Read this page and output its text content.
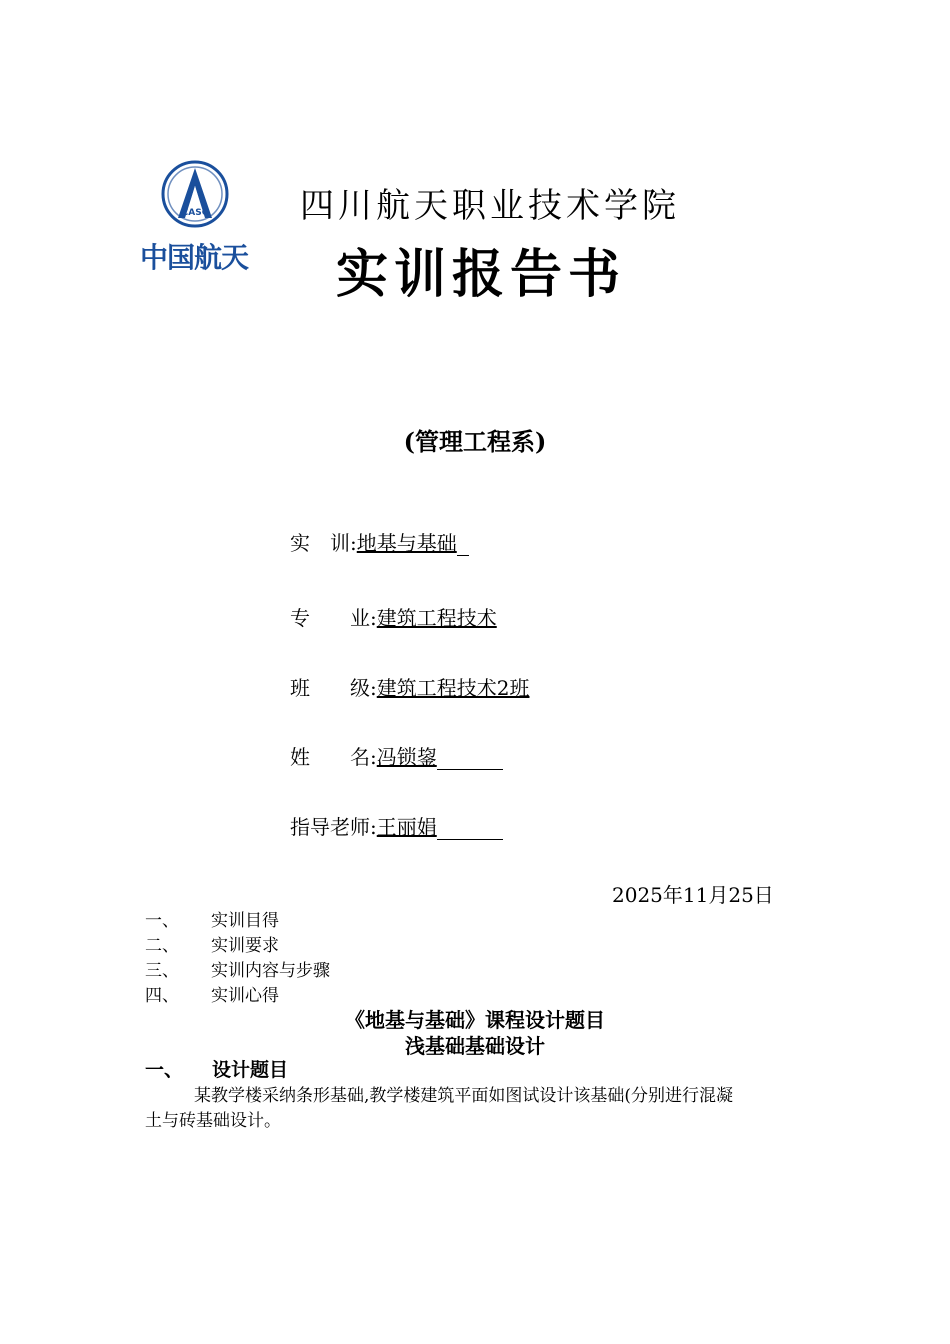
CASC
中国航天
四川航天职业技术学院
实训报告书
(管理工程系)
实　训:地基与基础
专　　业:建筑工程技术
班　　级:建筑工程技术2班
姓　　名:冯锁鋆
指导老师:王丽娟
2025年11月25日
一、 实训目得
二、 实训要求
三、 实训内容与步骤
四、 实训心得
《地基与基础》课程设计题目
浅基础基础设计
一、 设计题目
某教学楼采纳条形基础,教学楼建筑平面如图试设计该基础(分别进行混凝
土与砖基础设计。
